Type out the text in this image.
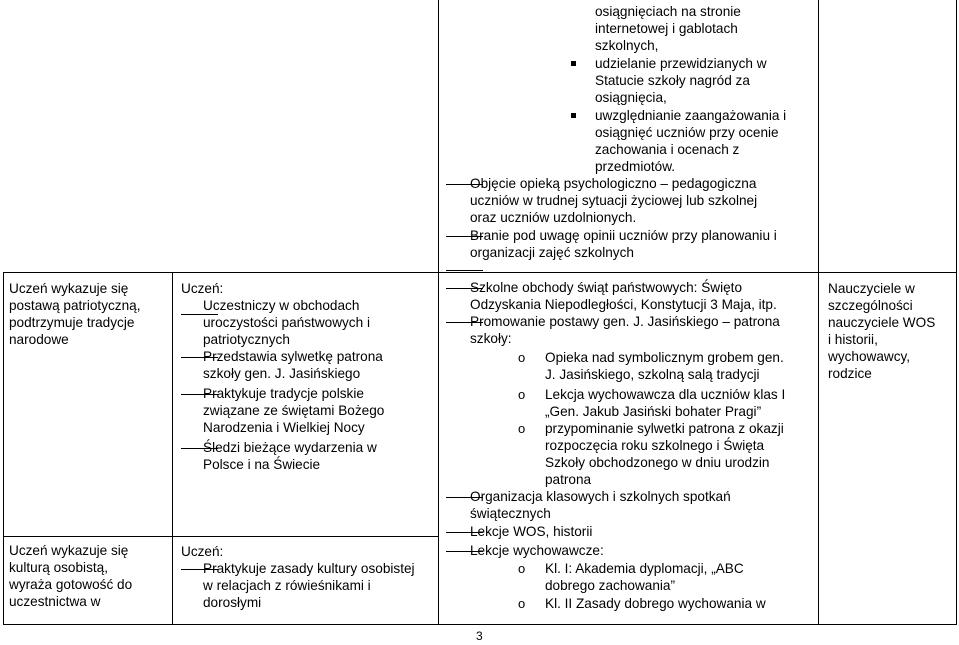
Uczeń wykazuje się
postawą patriotyczną,
podtrzymuje tradycje
narodowe
Uczeń wykazuje się
kulturą osobistą,
wyraża gotowość do
uczestnictwa w
Uczeń:
Uczestniczy w obchodach
uroczystości państwowych i
patriotycznych
Przedstawia sylwetkę patrona
szkoły gen. J. Jasińskiego
Praktykuje tradycje polskie
związane ze świętami Bożego
Narodzenia i Wielkiej Nocy
Śledzi bieżące wydarzenia w
Polsce i na Świecie
Uczeń:
Praktykuje zasady kultury osobistej
w relacjach z rówieśnikami i
dorosłymi
osiągnięciach na stronie
internetowej i gablotach
szkolnych,
udzielanie przewidzianych w
Statucie szkoły nagród za
osiągnięcia,
uwzględnianie zaangażowania i
osiągnięć uczniów przy ocenie
zachowania i ocenach z
przedmiotów.
Objęcie opieką psychologiczno – pedagogiczna
uczniów w trudnej sytuacji życiowej lub szkolnej
oraz uczniów uzdolnionych.
Branie pod uwagę opinii uczniów przy planowaniu i
organizacji zajęć szkolnych
Szkolne obchody świąt państwowych: Święto
Odzyskania Niepodległości, Konstytucji 3 Maja, itp.
Promowanie postawy gen. J. Jasińskiego – patrona
szkoły:
o Opieka nad symbolicznym grobem gen.
J. Jasińskiego, szkolną salą tradycji
o Lekcja wychowawcza dla uczniów klas I
„Gen. Jakub Jasiński bohater Pragi”
o przypominanie sylwetki patrona z okazji
rozpoczęcia roku szkolnego i Święta
Szkoły obchodzonego w dniu urodzin
patrona
Organizacja klasowych i szkolnych spotkań
świątecznych
Lekcje WOS, historii
Lekcje wychowawcze:
o Kl. I: Akademia dyplomacji, „ABC
dobrego zachowania”
o Kl. II Zasady dobrego wychowania w
Nauczyciele w
szczególności
nauczyciele WOS
i historii,
wychowawcy,
rodzice
3
